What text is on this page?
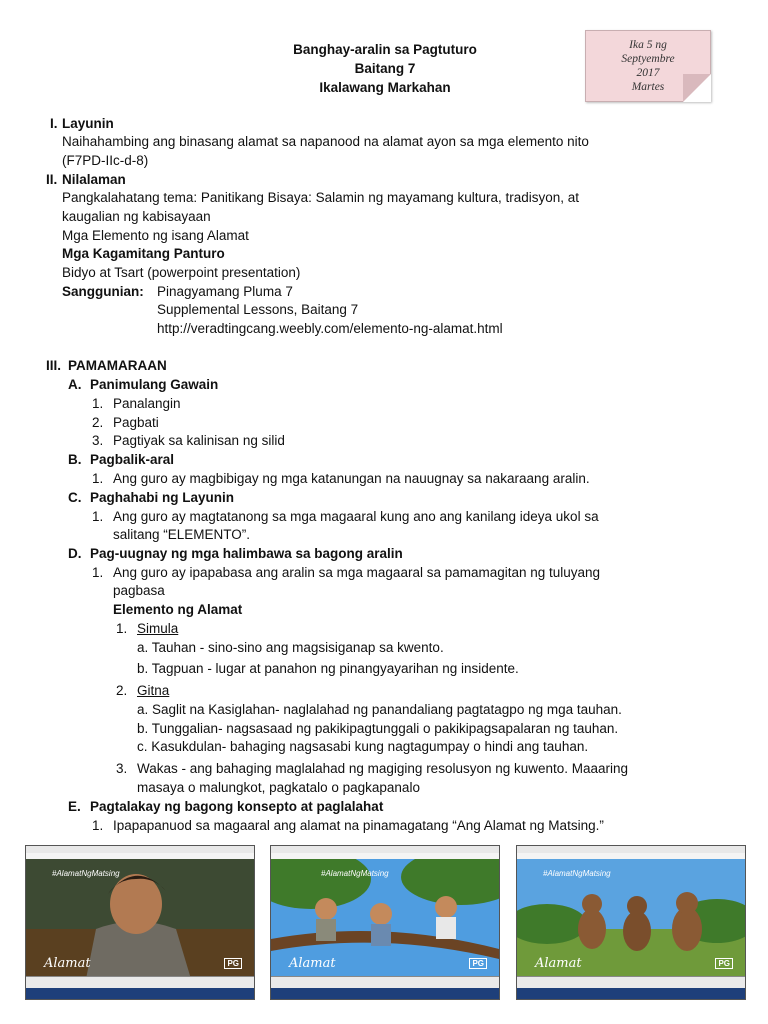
Banghay-aralin sa Pagtuturo
Baitang 7
Ikalawang Markahan
Ika 5 ng
Septyembre
2017
Martes
I. Layunin
Naihahambing ang binasang alamat sa napanood na alamat ayon sa mga elemento nito
(F7PD-IIc-d-8)
II. Nilalaman
Pangkalahatang tema: Panitikang Bisaya: Salamin ng mayamang kultura, tradisyon, at
kaugalian ng kabisayaan
Mga Elemento ng isang Alamat
Mga Kagamitang Panturo
Bidyo at Tsart (powerpoint presentation)
Sanggunian: Pinagyamang Pluma 7
Supplemental Lessons, Baitang 7
http://veradtingcang.weebly.com/elemento-ng-alamat.html
III. PAMAMARAAN
A. Panimulang Gawain
1. Panalangin
2. Pagbati
3. Pagtiyak sa kalinisan ng silid
B. Pagbalik-aral
1. Ang guro ay magbibigay ng mga katanungan na nauugnay sa nakaraang aralin.
C. Paghahabi ng Layunin
1. Ang guro ay magtatanong sa mga magaaral kung ano ang kanilang ideya ukol sa
salitang “ELEMENTO”.
D. Pag-uugnay ng mga halimbawa sa bagong aralin
1. Ang guro ay ipapabasa ang aralin sa mga magaaral sa pamamagitan ng tuluyang
pagbasa
Elemento ng Alamat
1. Simula
a. Tauhan - sino-sino ang magsisiganap sa kwento.
b. Tagpuan - lugar at panahon ng pinangyayarihan ng insidente.
2. Gitna
a. Saglit na Kasiglahan- naglalahad ng panandaliang pagtatagpo ng mga tauhan.
b. Tunggalian- nagsasaad ng pakikipagtunggali o pakikipagsapalaran ng tauhan.
c. Kasukdulan- bahaging nagsasabi kung nagtagumpay o hindi ang tauhan.
3. Wakas - ang bahaging maglalahad ng magiging resolusyon ng kuwento. Maaaring
masaya o malungkot, pagkatalo o pagkapanalo
E. Pagtalakay ng bagong konsepto at paglalahat
1. Ipapapanuod sa magaaral ang alamat na pinamagatang “Ang Alamat ng Matsing.”
#AlamatNgMatsing
Alamat	PG
#AlamatNgMatsing
Alamat	PG
#AlamatNgMatsing
Alamat	PG
